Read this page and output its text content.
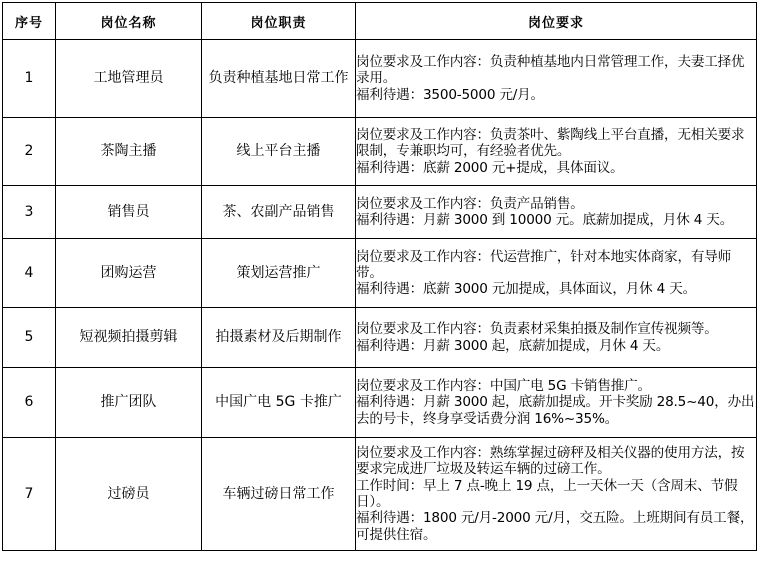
序号	岗位名称	岗位职责	岗位要求
1	工地管理员	负责种植基地日常工作	岗位要求及工作内容：负责种植基地内日常管理工作，夫妻工择优录用。
福利待遇：3500-5000 元/月。

2	茶陶主播	线上平台主播	岗位要求及工作内容：负责茶叶、紫陶线上平台直播，无相关要求限制，专兼职均可，有经验者优先。
福利待遇：底薪 2000 元+提成，具体面议。

3	销售员	茶、农副产品销售	岗位要求及工作内容：负责产品销售。
福利待遇：月薪 3000 到 10000 元。底薪加提成，月休 4 天。

4	团购运营	策划运营推广	岗位要求及工作内容：代运营推广，针对本地实体商家，有导师带。
福利待遇：底薪 3000 元加提成，具体面议，月休 4 天。

5	短视频拍摄剪辑	拍摄素材及后期制作	岗位要求及工作内容：负责素材采集拍摄及制作宣传视频等。
福利待遇：月薪 3000 起，底薪加提成，月休 4 天。

6	推广团队	中国广电 5G 卡推广	岗位要求及工作内容：中国广电 5G 卡销售推广。
福利待遇：月薪 3000 起，底薪加提成。开卡奖励 28.5~40，办出去的号卡，终身享受话费分润 16%~35%。

7	过磅员	车辆过磅日常工作	岗位要求及工作内容：熟练掌握过磅秤及相关仪器的使用方法，按要求完成进厂垃圾及转运车辆的过磅工作。
工作时间：早上 7 点-晚上 19 点，上一天休一天（含周末、节假日）。
福利待遇：1800 元/月-2000 元/月，交五险。上班期间有员工餐，可提供住宿。
